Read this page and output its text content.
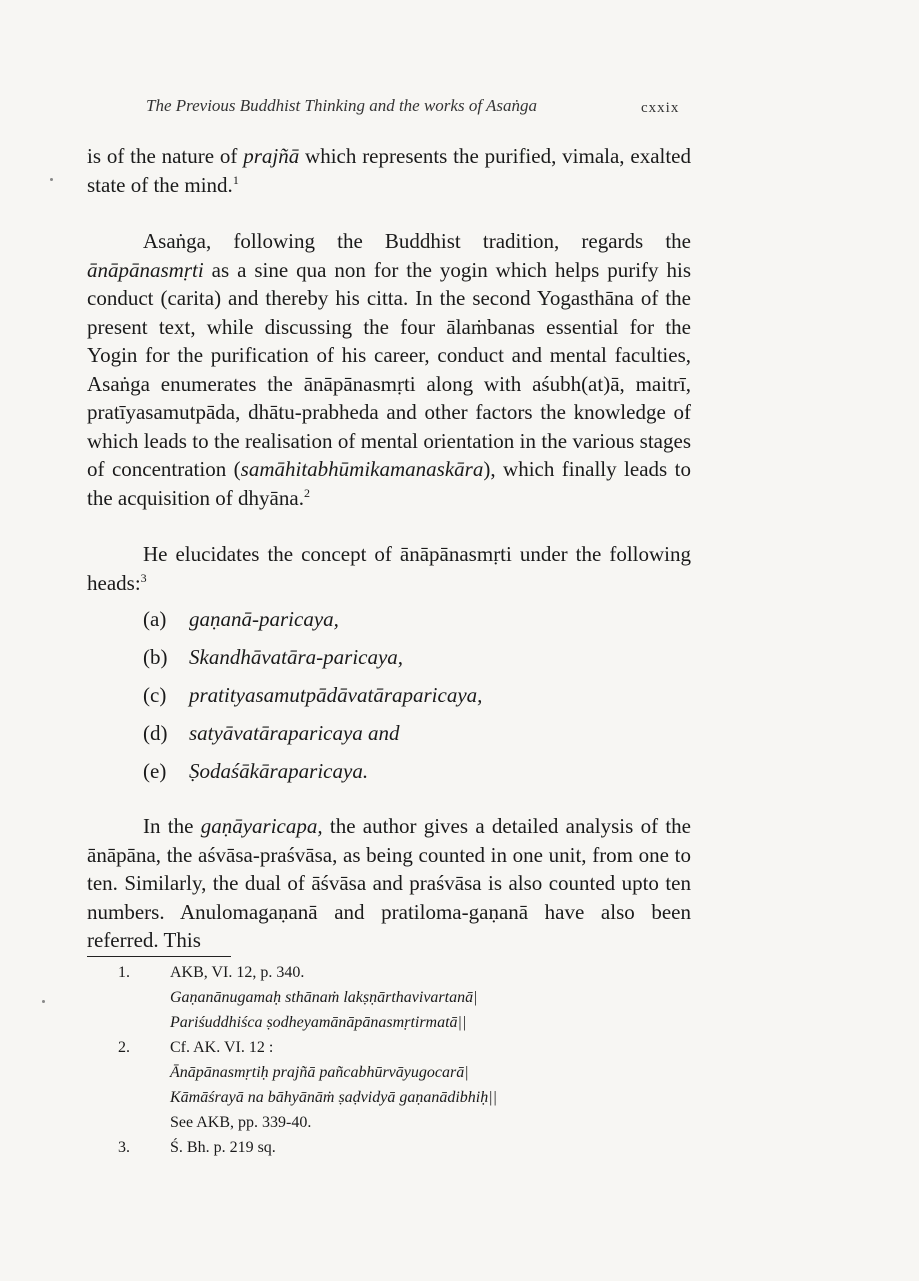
The Previous Buddhist Thinking and the works of Asaṅga	cxxix

is of the nature of prajñā which represents the purified, vimala, exalted state of the mind.$^1$

Asaṅga, following the Buddhist tradition, regards the ānāpānasmṛti as a sine qua non for the yogin which helps purify his conduct (carita) and thereby his citta. In the second Yogasthāna of the present text, while discussing the four ālaṁbanas essential for the Yogin for the purification of his career, conduct and mental faculties, Asaṅga enumerates the ānāpānasmṛti along with aśubh(at)ā, maitrī, pratīyasamutpāda, dhātu-prabheda and other factors the knowledge of which leads to the realisation of mental orientation in the various stages of concentration (samāhitabhūmikamanaskāra), which finally leads to the acquisition of dhyāna.$^2$

He elucidates the concept of ānāpānasmṛti under the following heads:$^3$

(a) gaṇanā-paricaya,
(b) Skandhāvatāra-paricaya,
(c) pratityasamutpādāvatāraparicaya,
(d) satyāvatāraparicaya and
(e) Ṣodaśākāraparicaya.

In the gaṇāyaricapa, the author gives a detailed analysis of the ānāpāna, the aśvāsa-praśvāsa, as being counted in one unit, from one to ten. Similarly, the dual of āśvāsa and praśvāsa is also counted upto ten numbers. Anulomagaṇanā and pratiloma-gaṇanā have also been referred. This

1.	AKB, VI. 12, p. 340.
Gaṇanānugamaḥ sthānaṁ lakṣṇārthavivartanā|
Pariśuddhiśca ṣodheyamānāpānasmṛtirmatā||
2.	Cf. AK. VI. 12 :
Ānāpānasmṛtiḥ prajñā pañcabhūrvāyugocarā|
Kāmāśrayā na bāhyānāṁ ṣaḍvidyā gaṇanādibhiḥ||
See AKB, pp. 339-40.
3.	Ś. Bh. p. 219 sq.
